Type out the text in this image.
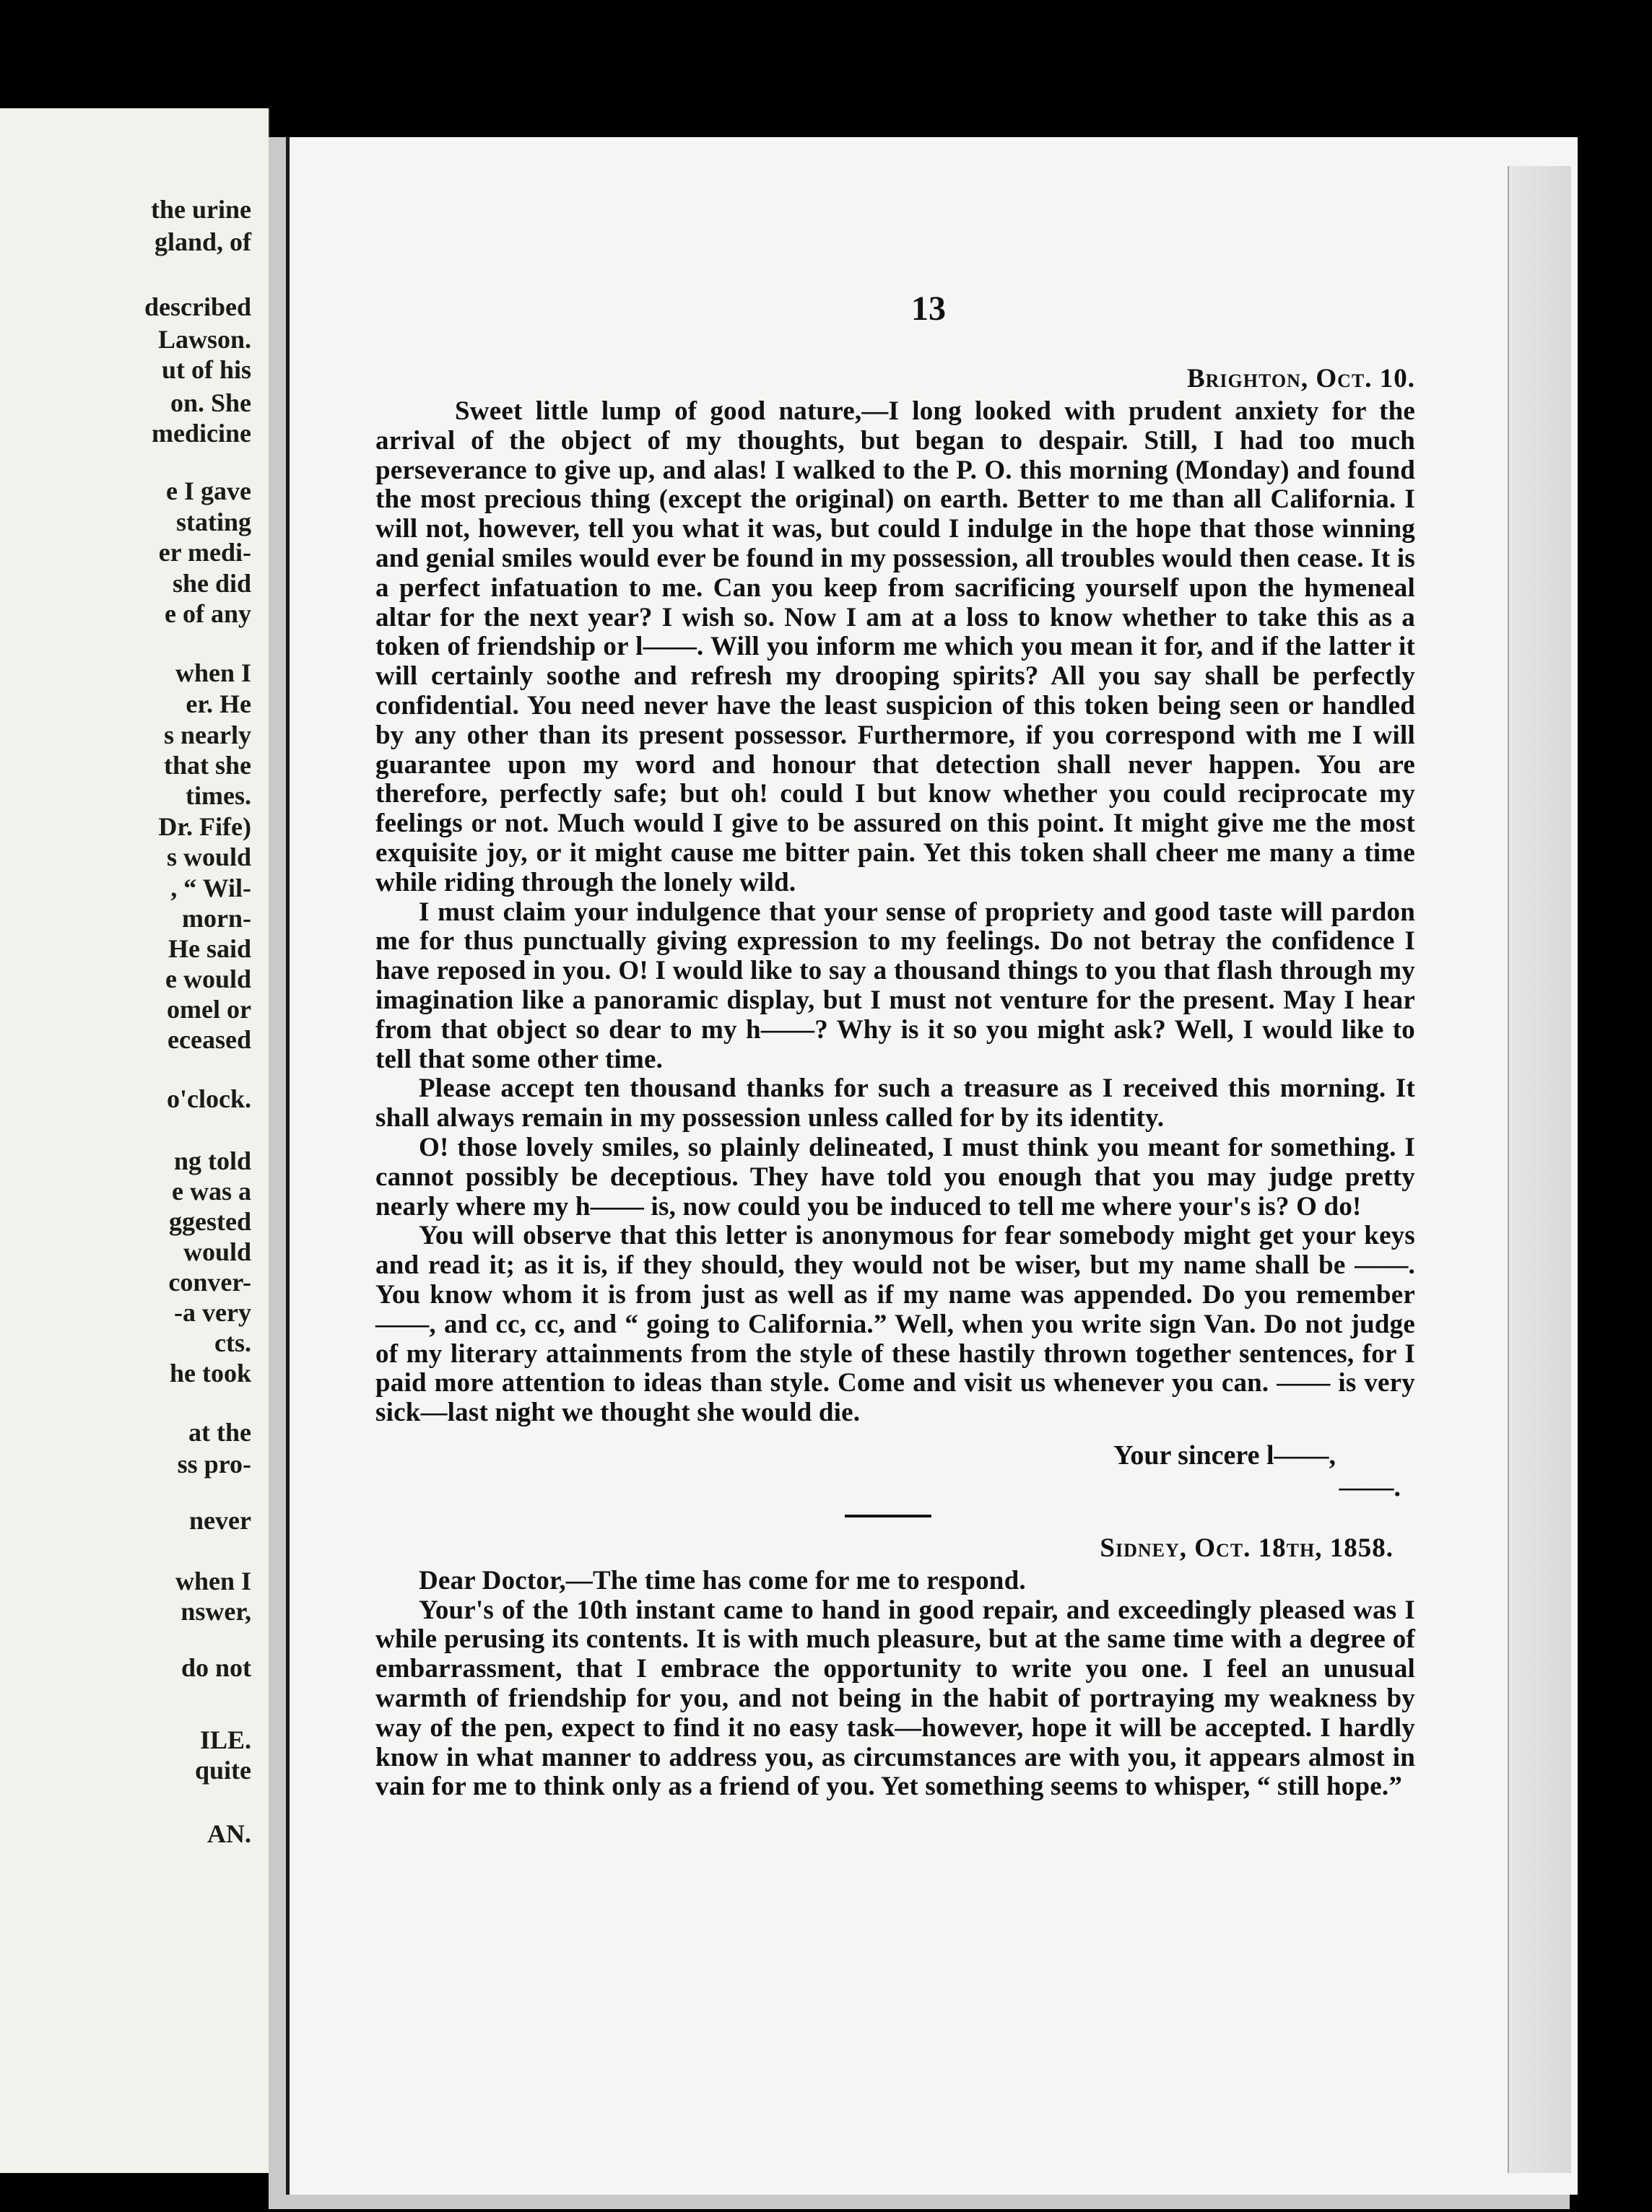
the urine
gland, of
described
Lawson.
ut of his
on. She
medicine
e I gave
stating
er medi-
she did
e of any
when I
er. He
s nearly
that she
times.
Dr. Fife)
s would
, “ Wil-
morn-
He said
e would
omel or
eceased
o'clock.
ng told
e was a
ggested
would
conver-
-a very
cts.
he took
at the
ss pro-
never
when I
nswer,
do not
ILE.
quite
AN.
13

Brighton, Oct. 10.

Sweet little lump of good nature,—I long looked with prudent anxiety for the arrival of the object of my thoughts, but began to despair. Still, I had too much perseverance to give up, and alas! I walked to the P. O. this morning (Monday) and found the most precious thing (except the original) on earth. Better to me than all California. I will not, however, tell you what it was, but could I indulge in the hope that those winning and genial smiles would ever be found in my possession, all troubles would then cease. It is a perfect infatuation to me. Can you keep from sacrificing yourself upon the hymeneal altar for the next year? I wish so. Now I am at a loss to know whether to take this as a token of friendship or l——. Will you inform me which you mean it for, and if the latter it will certainly soothe and refresh my drooping spirits? All you say shall be perfectly confidential. You need never have the least suspicion of this token being seen or handled by any other than its present possessor. Furthermore, if you correspond with me I will guarantee upon my word and honour that detection shall never happen. You are therefore, perfectly safe; but oh! could I but know whether you could reciprocate my feelings or not. Much would I give to be assured on this point. It might give me the most exquisite joy, or it might cause me bitter pain. Yet this token shall cheer me many a time while riding through the lonely wild.

I must claim your indulgence that your sense of propriety and good taste will pardon me for thus punctually giving expression to my feelings. Do not betray the confidence I have reposed in you. O! I would like to say a thousand things to you that flash through my imagination like a panoramic display, but I must not venture for the present. May I hear from that object so dear to my h——? Why is it so you might ask? Well, I would like to tell that some other time.

Please accept ten thousand thanks for such a treasure as I received this morning. It shall always remain in my possession unless called for by its identity.

O! those lovely smiles, so plainly delineated, I must think you meant for something. I cannot possibly be deceptious. They have told you enough that you may judge pretty nearly where my h—— is, now could you be induced to tell me where your's is? O do!

You will observe that this letter is anonymous for fear somebody might get your keys and read it; as it is, if they should, they would not be wiser, but my name shall be ——. You know whom it is from just as well as if my name was appended. Do you remember ——, and cc, cc, and “ going to California.” Well, when you write sign Van. Do not judge of my literary attainments from the style of these hastily thrown together sentences, for I paid more attention to ideas than style. Come and visit us whenever you can. —— is very sick—last night we thought she would die.

Your sincere l——,

——.

Sidney, Oct. 18th, 1858.

Dear Doctor,—The time has come for me to respond.

Your's of the 10th instant came to hand in good repair, and exceedingly pleased was I while perusing its contents. It is with much pleasure, but at the same time with a degree of embarrassment, that I embrace the opportunity to write you one. I feel an unusual warmth of friendship for you, and not being in the habit of portraying my weakness by way of the pen, expect to find it no easy task—however, hope it will be accepted. I hardly know in what manner to address you, as circumstances are with you, it appears almost in vain for me to think only as a friend of you. Yet something seems to whisper, “ still hope.”
